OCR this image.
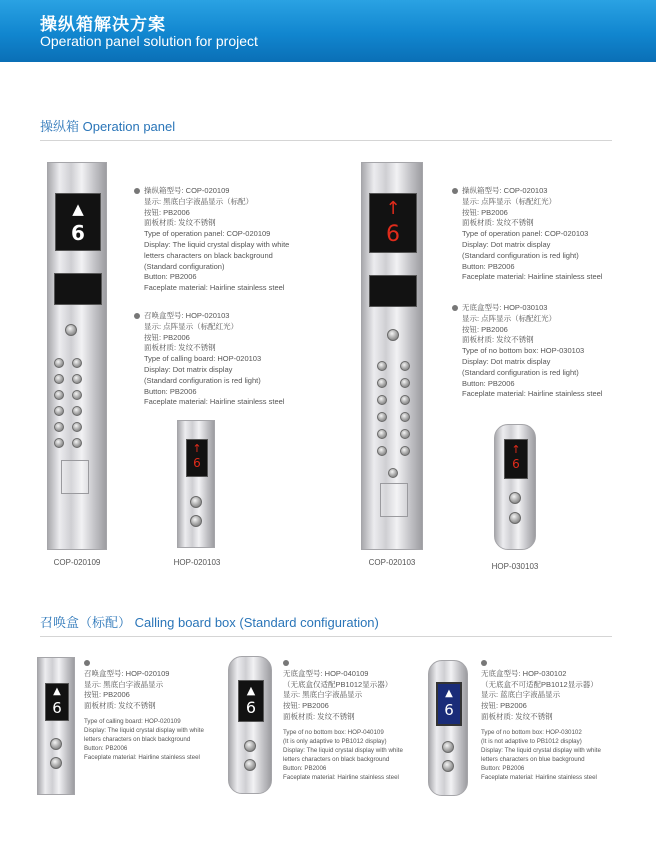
操纵箱解决方案
Operation panel solution for project
操纵箱 Operation panel
▲
6
COP-020109
↑
6
HOP-020103
操纵箱型号: COP-020109
显示: 黑底白字液晶显示（标配）
按钮: PB2006
面板材质: 发纹不锈钢
Type of operation panel: COP-020109
Display: The liquid crystal display with white
letters characters on black background
(Standard configuration)
Button: PB2006
Faceplate material: Hairline stainless steel
召唤盒型号: HOP-020103
显示: 点阵显示（标配红光）
按钮: PB2006
面板材质: 发纹不锈钢
Type of calling board: HOP-020103
Display: Dot matrix display
(Standard configuration is red light)
Button: PB2006
Faceplate material: Hairline stainless steel
↑
6
COP-020103
↑
6
HOP-030103
操纵箱型号: COP-020103
显示: 点阵显示（标配红光）
按钮: PB2006
面板材质: 发纹不锈钢
Type of operation panel: COP-020103
Display: Dot matrix display
(Standard configuration is red light)
Button: PB2006
Faceplate material: Hairline stainless steel
无底盒型号: HOP-030103
显示: 点阵显示（标配红光）
按钮: PB2006
面板材质: 发纹不锈钢
Type of no bottom box: HOP-030103
Display: Dot matrix display
(Standard configuration is red light)
Button: PB2006
Faceplate material: Hairline stainless steel
召唤盒（标配） Calling board box (Standard configuration)
▲
6
召唤盒型号: HOP-020109
显示: 黑底白字液晶显示
按钮: PB2006
面板材质: 发纹不锈钢
Type of calling board: HOP-020109
Display: The liquid crystal display with white
letters characters on black background
Button: PB2006
Faceplate material: Hairline stainless steel
▲
6
无底盒型号: HOP-040109
（无底盒仅适配PB1012显示器）
显示: 黑底白字液晶显示
按钮: PB2006
面板材质: 发纹不锈钢
Type of no bottom box: HOP-040109
(It is only adaptive to PB1012 display)
Display: The liquid crystal display with white
letters characters on black background
Button: PB2006
Faceplate material: Hairline stainless steel
▲
6
无底盒型号: HOP-030102
（无底盒不可适配PB1012显示器）
显示: 蓝底白字液晶显示
按钮: PB2006
面板材质: 发纹不锈钢
Type of no bottom box: HOP-030102
(It is not adaptive to PB1012 display)
Display: The liquid crystal display with white
letters characters on blue background
Button: PB2006
Faceplate material: Hairline stainless steel
